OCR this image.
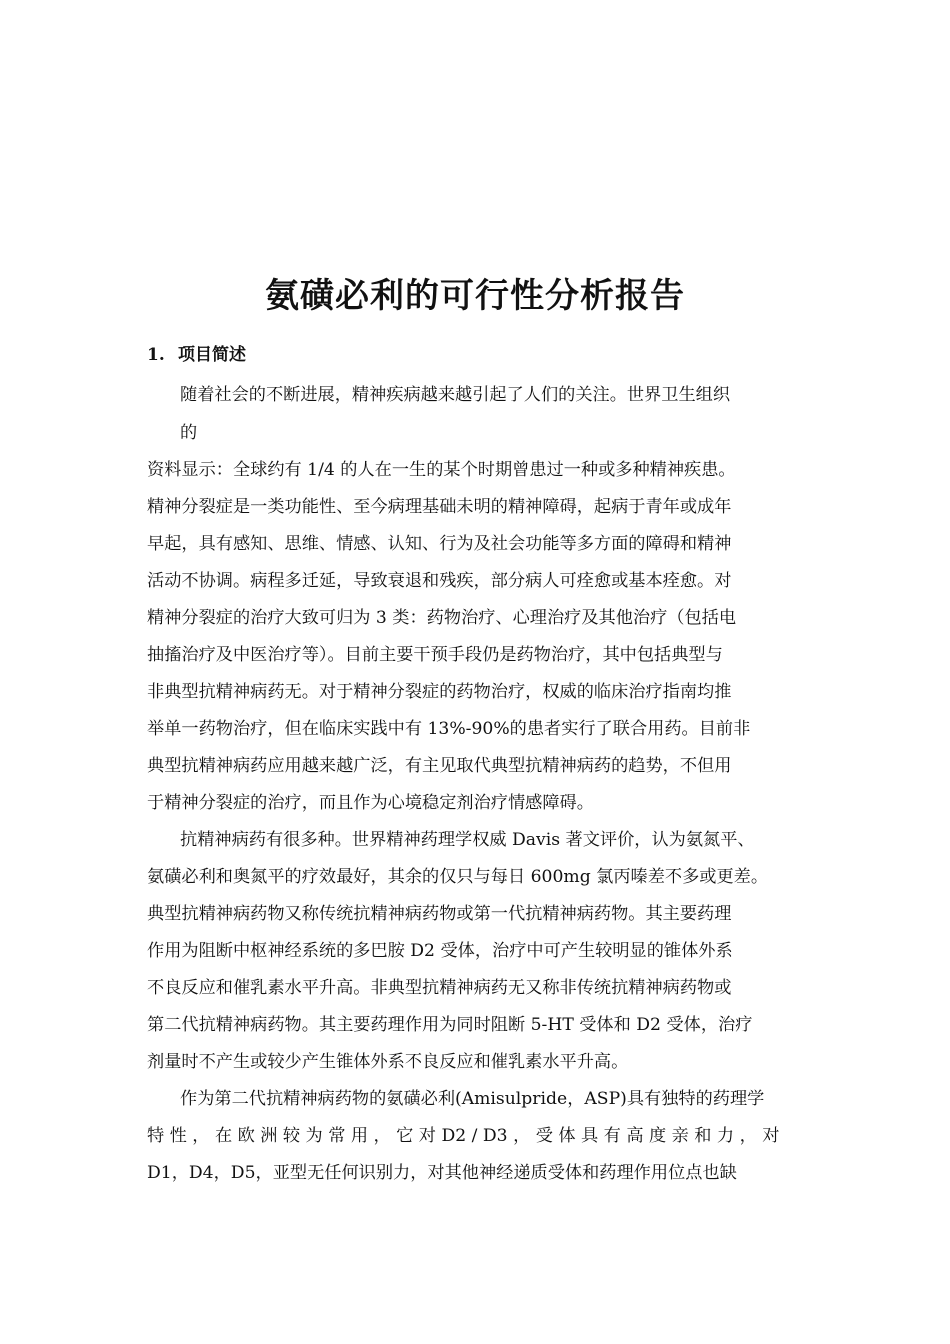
氨磺必利的可行性分析报告
1. 项目简述
随着社会的不断进展，精神疾病越来越引起了人们的关注。世界卫生组织
的
资料显示：全球约有 1/4 的人在一生的某个时期曾患过一种或多种精神疾患。
精神分裂症是一类功能性、至今病理基础未明的精神障碍，起病于青年或成年
早起，具有感知、思维、情感、认知、行为及社会功能等多方面的障碍和精神
活动不协调。病程多迁延，导致衰退和残疾，部分病人可痊愈或基本痊愈。对
精神分裂症的治疗大致可归为 3 类：药物治疗、心理治疗及其他治疗（包括电
抽搐治疗及中医治疗等）。目前主要干预手段仍是药物治疗，其中包括典型与
非典型抗精神病药无。对于精神分裂症的药物治疗，权威的临床治疗指南均推
举单一药物治疗，但在临床实践中有 13%-90%的患者实行了联合用药。目前非
典型抗精神病药应用越来越广泛，有主见取代典型抗精神病药的趋势，不但用
于精神分裂症的治疗，而且作为心境稳定剂治疗情感障碍。
抗精神病药有很多种。世界精神药理学权威 Davis 著文评价，认为氨氮平、
氨磺必利和奥氮平的疗效最好，其余的仅只与每日 600mg 氯丙嗪差不多或更差。
典型抗精神病药物又称传统抗精神病药物或第一代抗精神病药物。其主要药理
作用为阻断中枢神经系统的多巴胺 D2 受体，治疗中可产生较明显的锥体外系
不良反应和催乳素水平升高。非典型抗精神病药无又称非传统抗精神病药物或
第二代抗精神病药物。其主要药理作用为同时阻断 5-HT 受体和 D2 受体，治疗
剂量时不产生或较少产生锥体外系不良反应和催乳素水平升高。
作为第二代抗精神病药物的氨磺必利(Amisulpride，ASP)具有独特的药理学
特 性 ， 在 欧 洲 较 为 常 用 ， 它 对 D2 / D3 ， 受 体 具 有 高 度 亲 和 力 ， 对
D1，D4，D5，亚型无任何识别力，对其他神经递质受体和药理作用位点也缺
